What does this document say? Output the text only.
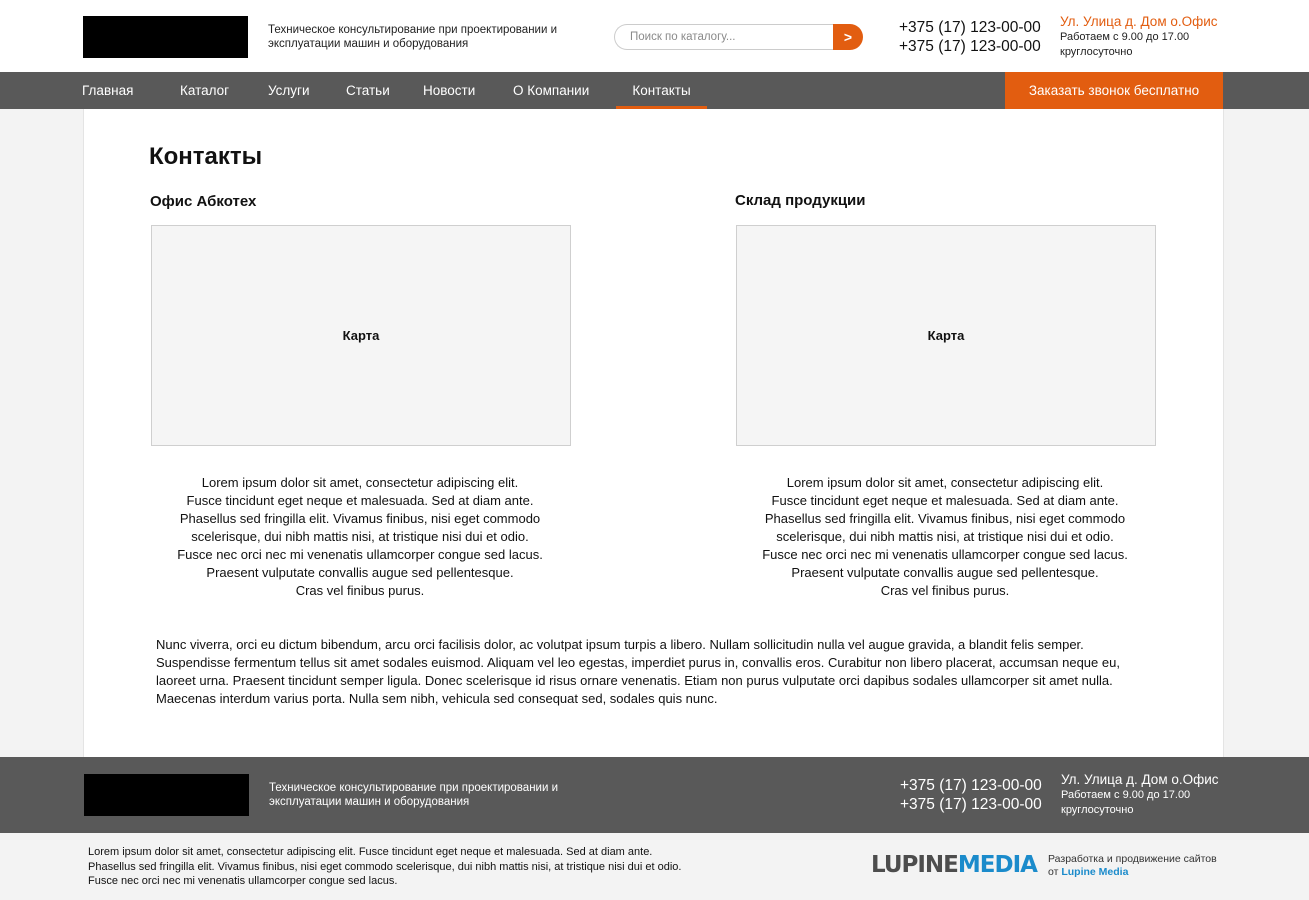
Техническое консультирование при проектировании и эксплуатации машин и оборудования
Поиск по каталогу...	>
+375 (17) 123-00-00
+375 (17) 123-00-00
Ул. Улица д. Дом о.Офис
Работаем с 9.00 до 17.00
круглосуточно
Главная	Каталог	Услуги	Статьи Новости	О Компании	Контакты	Заказать звонок бесплатно
Контакты
Офис Абкотех
Карта
Lorem ipsum dolor sit amet, consectetur adipiscing elit.
Fusce tincidunt eget neque et malesuada. Sed at diam ante.
Phasellus sed fringilla elit. Vivamus finibus, nisi eget commodo
scelerisque, dui nibh mattis nisi, at tristique nisi dui et odio.
Fusce nec orci nec mi venenatis ullamcorper congue sed lacus.
Praesent vulputate convallis augue sed pellentesque.
Cras vel finibus purus.
Склад продукции
Карта
Lorem ipsum dolor sit amet, consectetur adipiscing elit.
Fusce tincidunt eget neque et malesuada. Sed at diam ante.
Phasellus sed fringilla elit. Vivamus finibus, nisi eget commodo
scelerisque, dui nibh mattis nisi, at tristique nisi dui et odio.
Fusce nec orci nec mi venenatis ullamcorper congue sed lacus.
Praesent vulputate convallis augue sed pellentesque.
Cras vel finibus purus.

Nunc viverra, orci eu dictum bibendum, arcu orci facilisis dolor, ac volutpat ipsum turpis a libero. Nullam sollicitudin nulla vel augue gravida, a blandit felis semper. Suspendisse fermentum tellus sit amet sodales euismod. Aliquam vel leo egestas, imperdiet purus in, convallis eros. Curabitur non libero placerat, accumsan neque eu, laoreet urna. Praesent tincidunt semper ligula. Donec scelerisque id risus ornare venenatis. Etiam non purus vulputate orci dapibus sodales ullamcorper sit amet nulla. Maecenas interdum varius porta. Nulla sem nibh, vehicula sed consequat sed, sodales quis nunc.

Техническое консультирование при проектировании и эксплуатации машин и оборудования
+375 (17) 123-00-00
+375 (17) 123-00-00
Ул. Улица д. Дом о.Офис
Работаем с 9.00 до 17.00
круглосуточно
Lorem ipsum dolor sit amet, consectetur adipiscing elit. Fusce tincidunt eget neque et malesuada. Sed at diam ante.
Phasellus sed fringilla elit. Vivamus finibus, nisi eget commodo scelerisque, dui nibh mattis nisi, at tristique nisi dui et odio.
Fusce nec orci nec mi venenatis ullamcorper congue sed lacus.
LUPINEMEDIA Разработка и продвижение сайтов
от Lupine Media
